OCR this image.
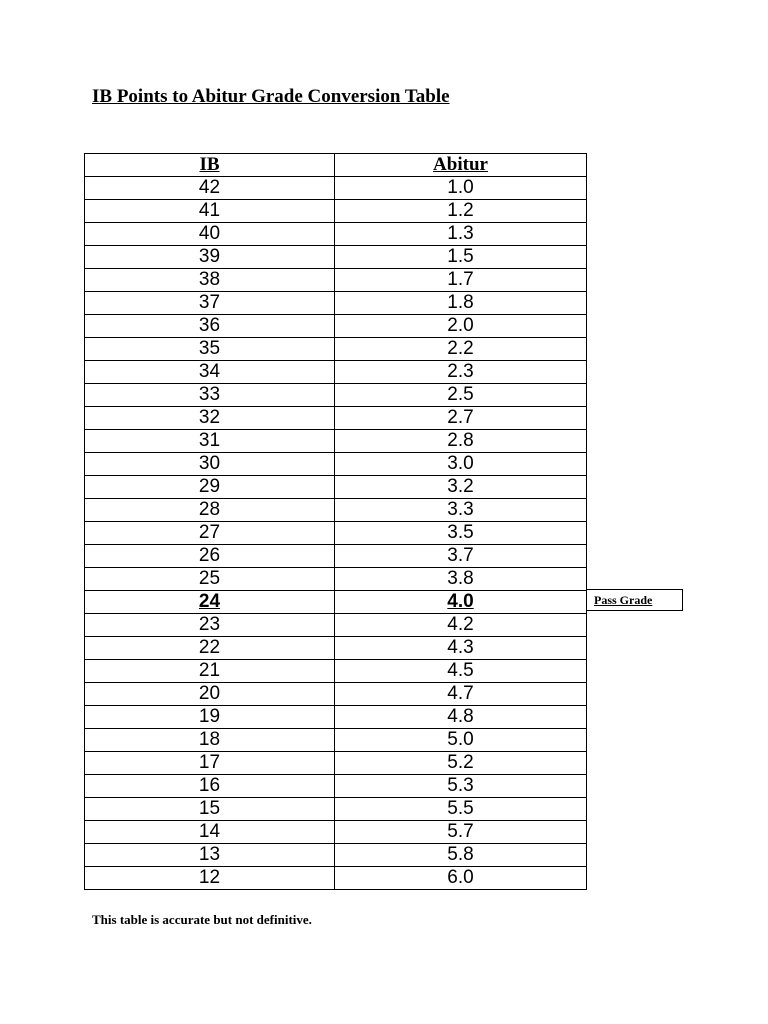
IB Points to Abitur Grade Conversion Table
IB	Abitur
42	1.0
41	1.2
40	1.3
39	1.5
38	1.7
37	1.8
36	2.0
35	2.2
34	2.3
33	2.5
32	2.7
31	2.8
30	3.0
29	3.2
28	3.3
27	3.5
26	3.7
25	3.8
24	4.0
23	4.2
22	4.3
21	4.5
20	4.7
19	4.8
18	5.0
17	5.2
16	5.3
15	5.5
14	5.7
13	5.8
12	6.0
Pass Grade
This table is accurate but not definitive.
